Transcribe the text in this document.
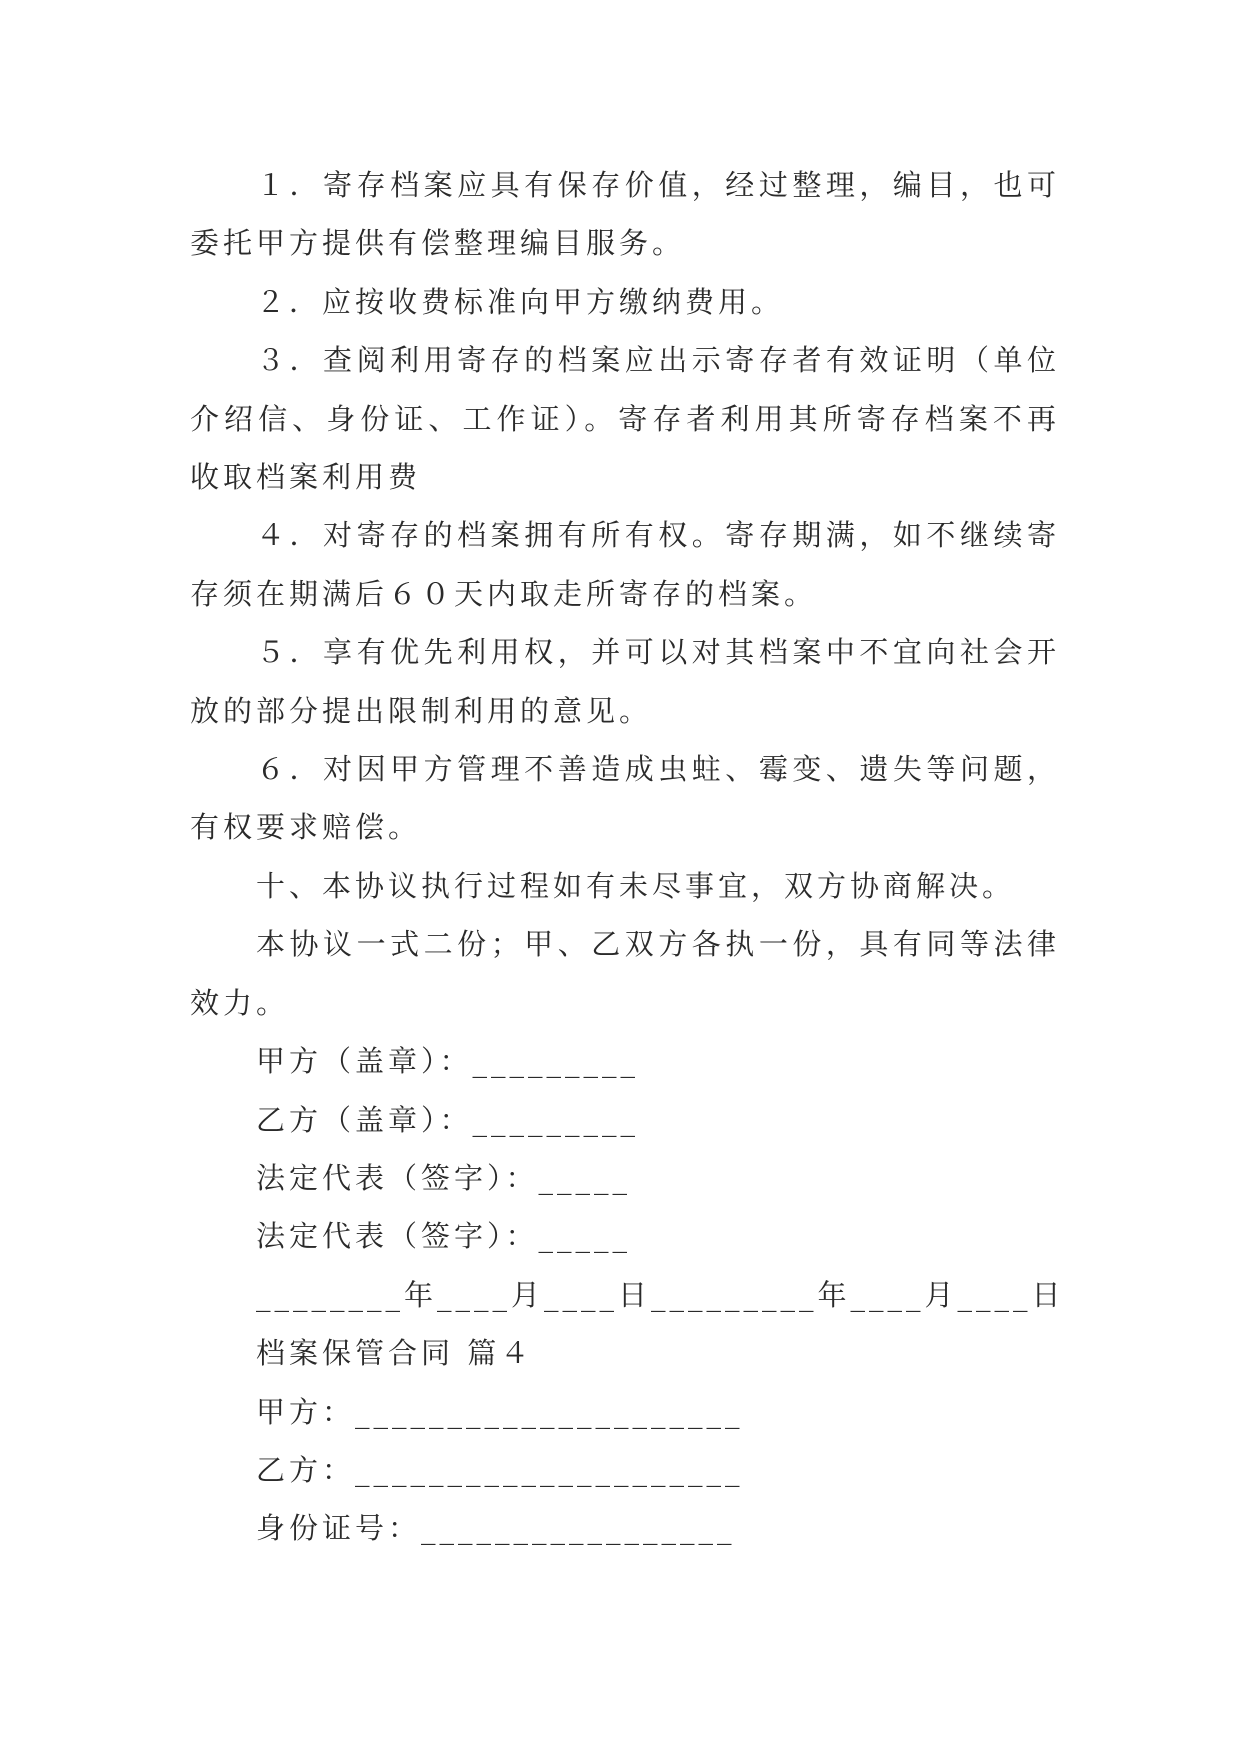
１．寄存档案应具有保存价值，经过整理，编目，也可委托甲方提供有偿整理编目服务。

２．应按收费标准向甲方缴纳费用。

３．查阅利用寄存的档案应出示寄存者有效证明（单位介绍信、身份证、工作证）。寄存者利用其所寄存档案不再收取档案利用费

４．对寄存的档案拥有所有权。寄存期满，如不继续寄存须在期满后６０天内取走所寄存的档案。

５．享有优先利用权，并可以对其档案中不宜向社会开放的部分提出限制利用的意见。

６．对因甲方管理不善造成虫蛀、霉变、遗失等问题，有权要求赔偿。

十、本协议执行过程如有未尽事宜，双方协商解决。

本协议一式二份；甲、乙双方各执一份，具有同等法律效力。

甲方（盖章）：_________

乙方（盖章）：_________

法定代表（签字）：_____

法定代表（签字）：_____

________年____月____日_________年____月____日

档案保管合同 篇４

甲方：_____________________

乙方：_____________________

身份证号：_________________
